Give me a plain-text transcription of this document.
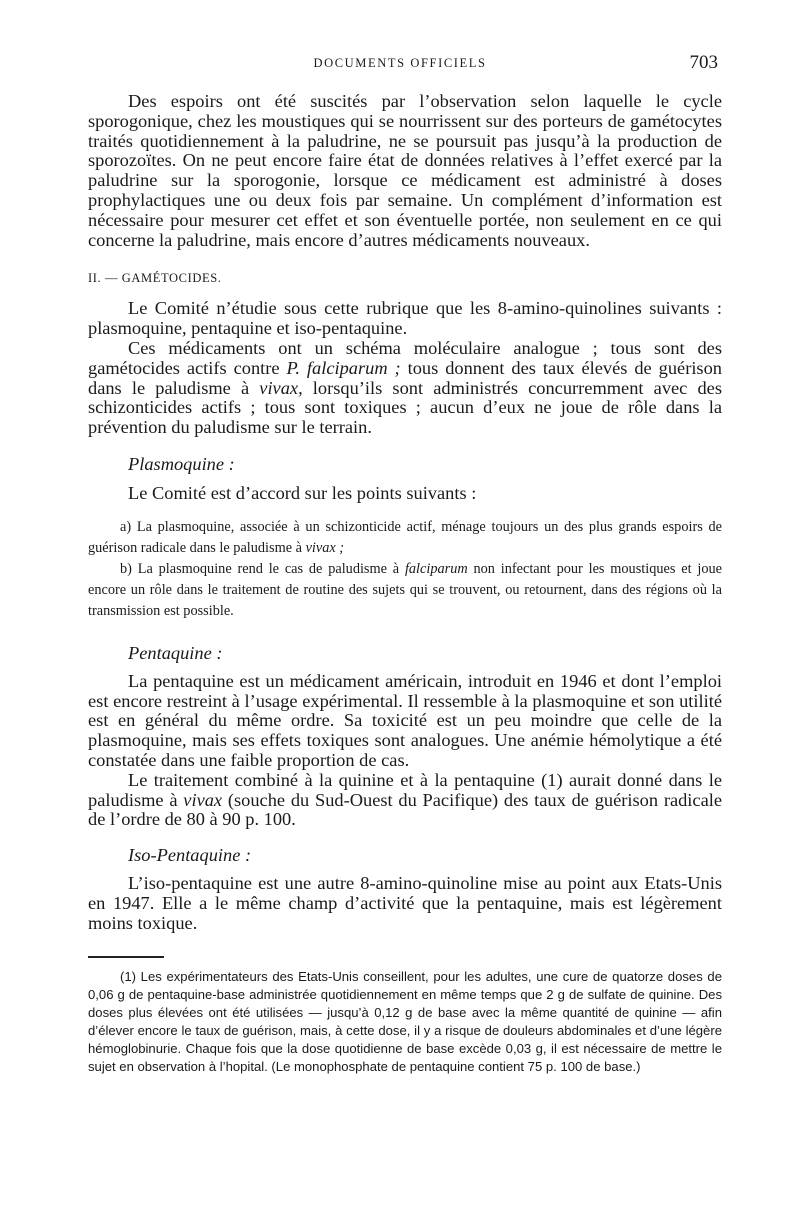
DOCUMENTS OFFICIELS	703

Des espoirs ont été suscités par l’observation selon laquelle le cycle sporogonique, chez les moustiques qui se nourrissent sur des porteurs de gamétocytes traités quotidiennement à la paludrine, ne se poursuit pas jusqu’à la production de sporozoïtes. On ne peut encore faire état de données relatives à l’effet exercé par la paludrine sur la sporogonie, lorsque ce médicament est administré à doses prophylactiques une ou deux fois par semaine. Un complément d’information est nécessaire pour mesurer cet effet et son éventuelle portée, non seulement en ce qui concerne la paludrine, mais encore d’autres médicaments nouveaux.

II. — GAMÉTOCIDES.

Le Comité n’étudie sous cette rubrique que les 8-amino-quinolines suivants : plasmoquine, pentaquine et iso-pentaquine.

Ces médicaments ont un schéma moléculaire analogue ; tous sont des gamétocides actifs contre P. falciparum ; tous donnent des taux élevés de guérison dans le paludisme à vivax, lorsqu’ils sont administrés concurremment avec des schizonticides actifs ; tous sont toxiques ; aucun d’eux ne joue de rôle dans la prévention du paludisme sur le terrain.

Plasmoquine :

Le Comité est d’accord sur les points suivants :

a) La plasmoquine, associée à un schizonticide actif, ménage toujours un des plus grands espoirs de guérison radicale dans le paludisme à vivax ;

b) La plasmoquine rend le cas de paludisme à falciparum non infectant pour les moustiques et joue encore un rôle dans le traitement de routine des sujets qui se trouvent, ou retournent, dans des régions où la transmission est possible.

Pentaquine :

La pentaquine est un médicament américain, introduit en 1946 et dont l’emploi est encore restreint à l’usage expérimental. Il ressemble à la plasmoquine et son utilité est en général du même ordre. Sa toxicité est un peu moindre que celle de la plasmoquine, mais ses effets toxiques sont analogues. Une anémie hémolytique a été constatée dans une faible proportion de cas.

Le traitement combiné à la quinine et à la pentaquine (1) aurait donné dans le paludisme à vivax (souche du Sud-Ouest du Pacifique) des taux de guérison radicale de l’ordre de 80 à 90 p. 100.

Iso-Pentaquine :

L’iso-pentaquine est une autre 8-amino-quinoline mise au point aux Etats-Unis en 1947. Elle a le même champ d’activité que la pentaquine, mais est légèrement moins toxique.

(1) Les expérimentateurs des Etats-Unis conseillent, pour les adultes, une cure de quatorze doses de 0,06 g de pentaquine-base administrée quotidiennement en même temps que 2 g de sulfate de quinine. Des doses plus élevées ont été utilisées — jusqu’à 0,12 g de base avec la même quantité de quinine — afin d’élever encore le taux de guérison, mais, à cette dose, il y a risque de douleurs abdominales et d’une légère hémoglobinurie. Chaque fois que la dose quotidienne de base excède 0,03 g, il est nécessaire de mettre le sujet en observation à l’hopital. (Le monophosphate de pentaquine contient 75 p. 100 de base.)
